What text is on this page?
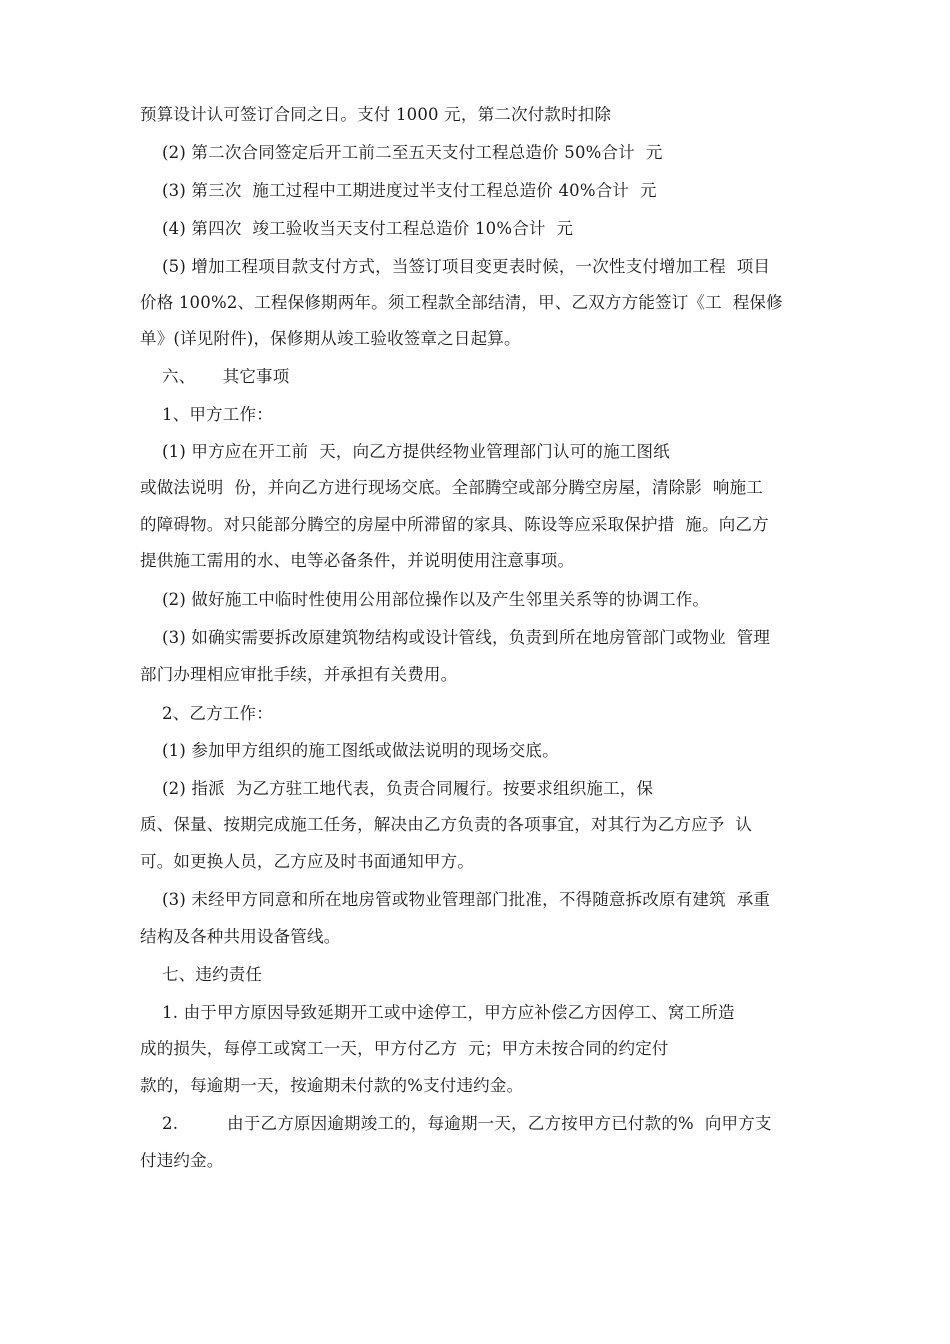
预算设计认可签订合同之日。支付 1000 元，第二次付款时扣除
(2) 第二次合同签定后开工前二至五天支付工程总造价 50%合计  元
(3) 第三次  施工过程中工期进度过半支付工程总造价 40%合计  元
(4) 第四次  竣工验收当天支付工程总造价 10%合计  元
(5) 增加工程项目款支付方式，当签订项目变更表时候，一次性支付增加工程  项目
价格 100%2、工程保修期两年。须工程款全部结清，甲、乙双方方能签订《工  程保修
单》(详见附件)，保修期从竣工验收签章之日起算。
六、     其它事项
1、甲方工作：
(1) 甲方应在开工前  天，向乙方提供经物业管理部门认可的施工图纸
或做法说明  份，并向乙方进行现场交底。全部腾空或部分腾空房屋，清除影  响施工
的障碍物。对只能部分腾空的房屋中所滞留的家具、陈设等应采取保护措  施。向乙方
提供施工需用的水、电等必备条件，并说明使用注意事项。
(2) 做好施工中临时性使用公用部位操作以及产生邻里关系等的协调工作。
(3) 如确实需要拆改原建筑物结构或设计管线，负责到所在地房管部门或物业  管理
部门办理相应审批手续，并承担有关费用。
2、乙方工作：
(1) 参加甲方组织的施工图纸或做法说明的现场交底。
(2) 指派  为乙方驻工地代表，负责合同履行。按要求组织施工，保
质、保量、按期完成施工任务，解决由乙方负责的各项事宜，对其行为乙方应予  认
可。如更换人员，乙方应及时书面通知甲方。
(3) 未经甲方同意和所在地房管或物业管理部门批准，不得随意拆改原有建筑  承重
结构及各种共用设备管线。
七、违约责任
1. 由于甲方原因导致延期开工或中途停工，甲方应补偿乙方因停工、窝工所造
成的损失，每停工或窝工一天，甲方付乙方  元；甲方未按合同的约定付
款的，每逾期一天，按逾期未付款的%支付违约金。
2.         由于乙方原因逾期竣工的，每逾期一天，乙方按甲方已付款的%  向甲方支
付违约金。
